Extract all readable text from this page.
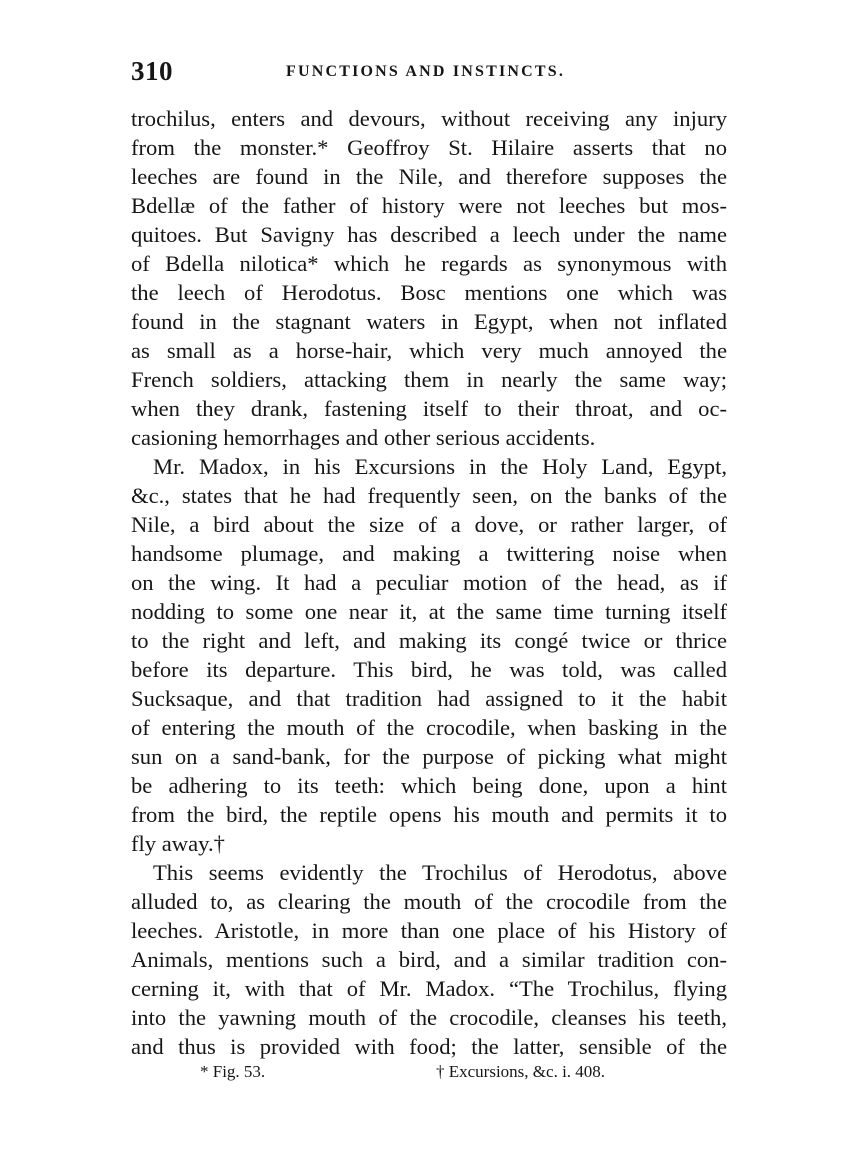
310	FUNCTIONS AND INSTINCTS.
trochilus, enters and devours, without receiving any injury
from the monster.* Geoffroy St. Hilaire asserts that no
leeches are found in the Nile, and therefore supposes the
Bdellæ of the father of history were not leeches but mos-
quitoes. But Savigny has described a leech under the name
of Bdella nilotica* which he regards as synonymous with
the leech of Herodotus. Bosc mentions one which was
found in the stagnant waters in Egypt, when not inflated
as small as a horse-hair, which very much annoyed the
French soldiers, attacking them in nearly the same way;
when they drank, fastening itself to their throat, and oc-
casioning hemorrhages and other serious accidents.
Mr. Madox, in his Excursions in the Holy Land, Egypt,
&c., states that he had frequently seen, on the banks of the
Nile, a bird about the size of a dove, or rather larger, of
handsome plumage, and making a twittering noise when
on the wing. It had a peculiar motion of the head, as if
nodding to some one near it, at the same time turning itself
to the right and left, and making its congé twice or thrice
before its departure. This bird, he was told, was called
Sucksaque, and that tradition had assigned to it the habit
of entering the mouth of the crocodile, when basking in the
sun on a sand-bank, for the purpose of picking what might
be adhering to its teeth: which being done, upon a hint
from the bird, the reptile opens his mouth and permits it to
fly away.†
This seems evidently the Trochilus of Herodotus, above
alluded to, as clearing the mouth of the crocodile from the
leeches. Aristotle, in more than one place of his History of
Animals, mentions such a bird, and a similar tradition con-
cerning it, with that of Mr. Madox. “The Trochilus, flying
into the yawning mouth of the crocodile, cleanses his teeth,
and thus is provided with food; the latter, sensible of the
* Fig. 53.	† Excursions, &c. i. 408.
